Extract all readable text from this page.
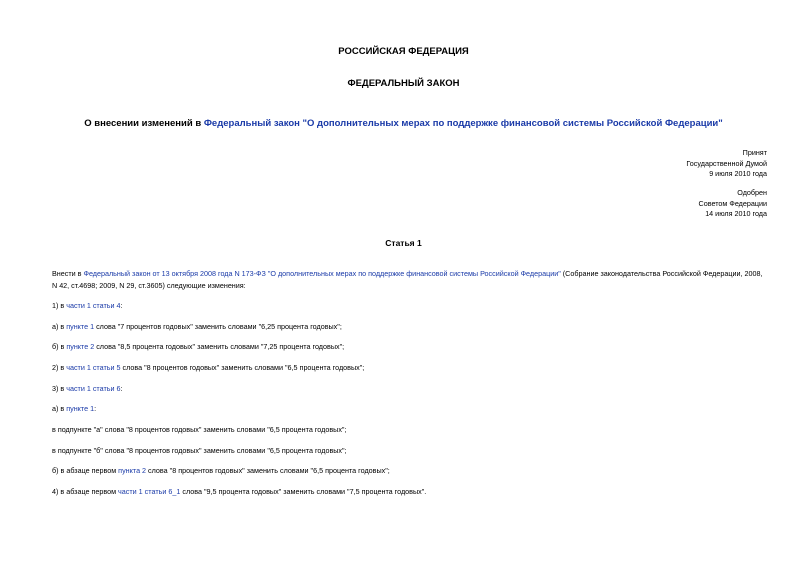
РОССИЙСКАЯ ФЕДЕРАЦИЯ
ФЕДЕРАЛЬНЫЙ ЗАКОН
О внесении изменений в Федеральный закон "О дополнительных мерах по поддержке финансовой системы Российской Федерации"
Принят
Государственной Думой
9 июля 2010 года
Одобрен
Советом Федерации
14 июля 2010 года
Статья 1
Внести в Федеральный закон от 13 октября 2008 года N 173-ФЗ "О дополнительных мерах по поддержке финансовой системы Российской Федерации" (Собрание законодательства Российской Федерации, 2008, N 42, ст.4698; 2009, N 29, ст.3605) следующие изменения:
1) в части 1 статьи 4:
а) в пункте 1 слова "7 процентов годовых" заменить словами "6,25 процента годовых";
б) в пункте 2 слова "8,5 процента годовых" заменить словами "7,25 процента годовых";
2) в части 1 статьи 5 слова "8 процентов годовых" заменить словами "6,5 процента годовых";
3) в части 1 статьи 6:
а) в пункте 1:
в подпункте "а" слова "8 процентов годовых" заменить словами "6,5 процента годовых";
в подпункте "б" слова "8 процентов годовых" заменить словами "6,5 процента годовых";
б) в абзаце первом пункта 2 слова "8 процентов годовых" заменить словами "6,5 процента годовых";
4) в абзаце первом части 1 статьи 6_1 слова "9,5 процента годовых" заменить словами "7,5 процента годовых".
